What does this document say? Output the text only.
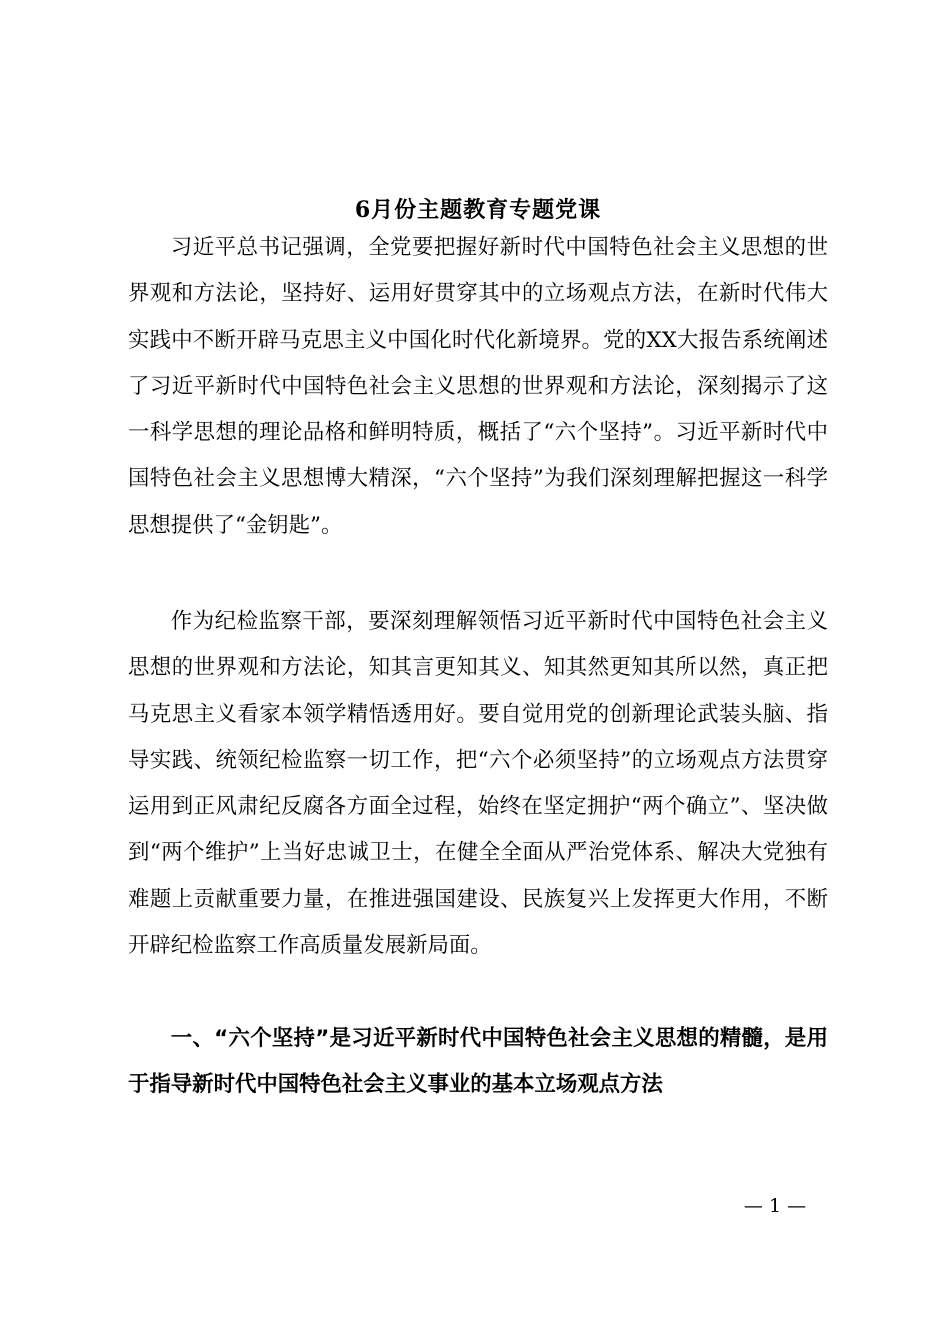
6月份主题教育专题党课

习近平总书记强调，全党要把握好新时代中国特色社会主义思想的世界观和方法论，坚持好、运用好贯穿其中的立场观点方法，在新时代伟大实践中不断开辟马克思主义中国化时代化新境界。党的XX大报告系统阐述了习近平新时代中国特色社会主义思想的世界观和方法论，深刻揭示了这一科学思想的理论品格和鲜明特质，概括了“六个坚持”。习近平新时代中国特色社会主义思想博大精深，“六个坚持”为我们深刻理解把握这一科学思想提供了“金钥匙”。

作为纪检监察干部，要深刻理解领悟习近平新时代中国特色社会主义思想的世界观和方法论，知其言更知其义、知其然更知其所以然，真正把马克思主义看家本领学精悟透用好。要自觉用党的创新理论武装头脑、指导实践、统领纪检监察一切工作，把“六个必须坚持”的立场观点方法贯穿运用到正风肃纪反腐各方面全过程，始终在坚定拥护“两个确立”、坚决做到“两个维护”上当好忠诚卫士，在健全全面从严治党体系、解决大党独有难题上贡献重要力量，在推进强国建设、民族复兴上发挥更大作用，不断开辟纪检监察工作高质量发展新局面。

一、“六个坚持”是习近平新时代中国特色社会主义思想的精髓，是用于指导新时代中国特色社会主义事业的基本立场观点方法

— 1 —
